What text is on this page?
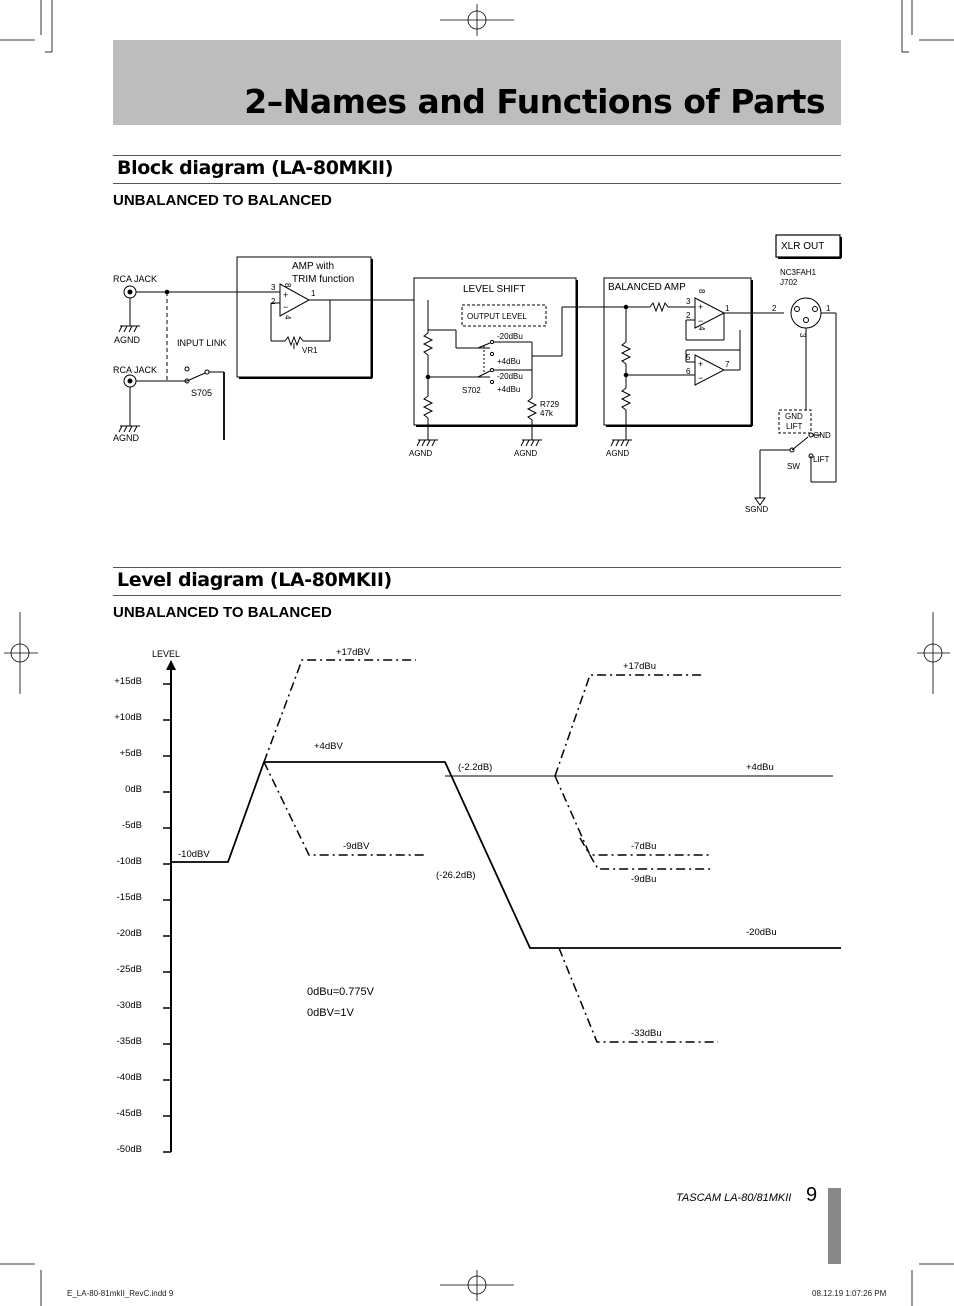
2–Names and Functions of Parts
Block diagram (LA-80MKII)
UNBALANCED TO BALANCED
RCA JACK
AGND	INPUT LINK
RCA JACK
S705
AGND
AMP with
TRIM function
3
2
1
VR1
LEVEL SHIFT
OUTPUT LEVEL
-20dBu
+4dBu
-20dBu
+4dBu
S702
R729
47k
AGND	AGND	AGND
BALANCED AMP
3
2
1
5
6
7
XLR OUT
NC3FAH1
J702
2	1
GND
LIFT
GND
LIFT
SW
SGND
8
4
8
4
3
+
−	+
−
+
−
Level diagram (LA-80MKII)
UNBALANCED TO BALANCED
+15dB
+10dB
+5dB
0dB
-5dB
-10dB
-15dB
-20dB
-25dB
-30dB
-35dB
-40dB
-45dB
-50dB
LEVEL	+17dBV
+4dBV
-9dBV
-10dBV
(-2.2dB)
(-26.2dB)
+17dBu
+4dBu
-7dBu
-9dBu
-20dBu
-33dBu
0dBu=0.775V
0dBV=1V
TASCAM LA-80/81MKII 9
E_LA-80-81mkII_RevC.indd 9	08.12.19 1:07:26 PM
